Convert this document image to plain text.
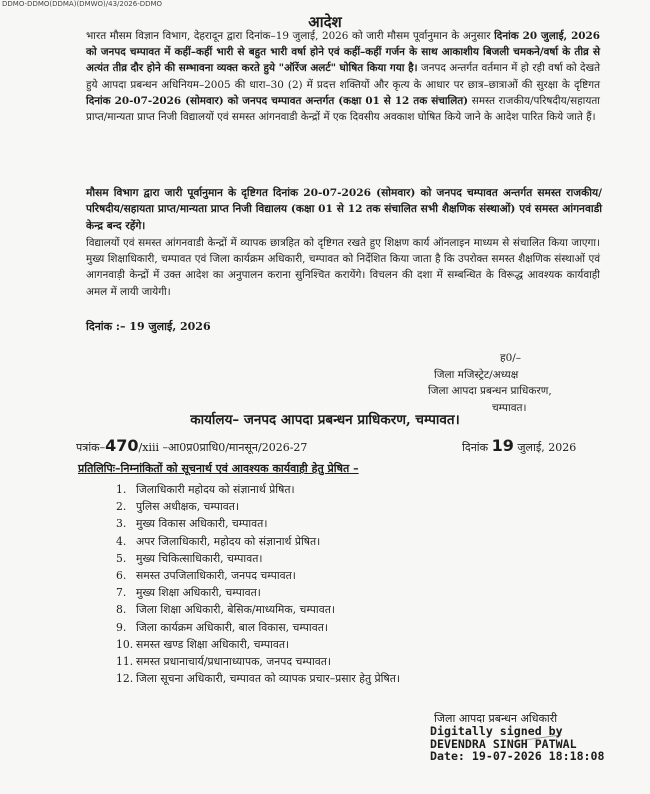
DDMO-DDMO(DDMA)(DMWO)/43/2026-DDMO
आदेश
भारत मौसम विज्ञान विभाग, देहरादून द्वारा दिनांक–19 जुलाई, 2026 को जारी मौसम पूर्वानुमान के अनुसार दिनांक 20 जुलाई, 2026 को जनपद चम्पावत में कहीं–कहीं भारी से बहुत भारी वर्षा होने एवं कहीं–कहीं गर्जन के साथ आकाशीय बिजली चमकने/वर्षा के तीव्र से अत्यंत तीव्र दौर होने की सम्भावना व्यक्त करते हुये "ऑरेंज अलर्ट" घोषित किया गया है। जनपद अन्तर्गत वर्तमान में हो रही वर्षा को देखते हुये आपदा प्रबन्धन अधिनियम–2005 की धारा–30 (2) में प्रदत्त शक्तियों और कृत्य के आधार पर छात्र–छात्राओं की सुरक्षा के दृष्टिगत दिनांक 20-07-2026 (सोमवार) को जनपद चम्पावत अन्तर्गत (कक्षा 01 से 12 तक संचालित) समस्त राजकीय/परिषदीय/सहायता प्राप्त/मान्यता प्राप्त निजी विद्यालयों एवं समस्त आंगनवाडी केन्द्रों में एक दिवसीय अवकाश घोषित किये जाने के आदेश पारित किये जाते हैं।
मौसम विभाग द्वारा जारी पूर्वानुमान के दृष्टिगत दिनांक 20-07-2026 (सोमवार) को जनपद चम्पावत अन्तर्गत समस्त राजकीय/परिषदीय/सहायता प्राप्त/मान्यता प्राप्त निजी विद्यालय (कक्षा 01 से 12 तक संचालित सभी शैक्षणिक संस्थाओं) एवं समस्त आंगनवाडी केन्द्र बन्द रहेंगे।
विद्यालयों एवं समस्त आंगनवाडी केन्द्रों में व्यापक छात्रहित को दृष्टिगत रखते हुए शिक्षण कार्य ऑनलाइन माध्यम से संचालित किया जाएगा। मुख्य शिक्षाधिकारी, चम्पावत एवं जिला कार्यक्रम अधिकारी, चम्पावत को निर्देशित किया जाता है कि उपरोक्त समस्त शैक्षणिक संस्थाओं एवं आगनवाड़ी केन्द्रों में उक्त आदेश का अनुपालन कराना सुनिश्चित करायेंगे। विचलन की दशा में सम्बन्धित के विरूद्ध आवश्यक कार्यवाही अमल में लायी जायेगी।
दिनांक :– 19 जुलाई, 2026
ह0/–
जिला मजिस्ट्रेट/अध्यक्ष
जिला आपदा प्रबन्धन प्राधिकरण,
चम्पावत।
कार्यालय– जनपद आपदा प्रबन्धन प्राधिकरण, चम्पावत।
पत्रांक–470/xiii –आ0प्र0प्राधि0/मानसून/2026-27	दिनांक 19 जुलाई, 2026
प्रतिलिपिः–निम्नांकितों को सूचनार्थ एवं आवश्यक कार्यवाही हेतु प्रेषित –
1. जिलाधिकारी महोदय को संज्ञानार्थ प्रेषित।
2. पुलिस अधीक्षक, चम्पावत।
3. मुख्य विकास अधिकारी, चम्पावत।
4. अपर जिलाधिकारी, महोदय को संज्ञानार्थ प्रेषित।
5. मुख्य चिकित्साधिकारी, चम्पावत।
6. समस्त उपजिलाधिकारी, जनपद चम्पावत।
7. मुख्य शिक्षा अधिकारी, चम्पावत।
8. जिला शिक्षा अधिकारी, बेसिक/माध्यमिक, चम्पावत।
9. जिला कार्यक्रम अधिकारी, बाल विकास, चम्पावत।
10. समस्त खण्ड शिक्षा अधिकारी, चम्पावत।
11. समस्त प्रधानाचार्य/प्रधानाध्यापक, जनपद चम्पावत।
12. जिला सूचना अधिकारी, चम्पावत को व्यापक प्रचार–प्रसार हेतु प्रेषित।
जिला आपदा प्रबन्धन अधिकारी
Digitally signed by
DEVENDRA SINGH PATWAL
Date: 19-07-2026 18:18:08
